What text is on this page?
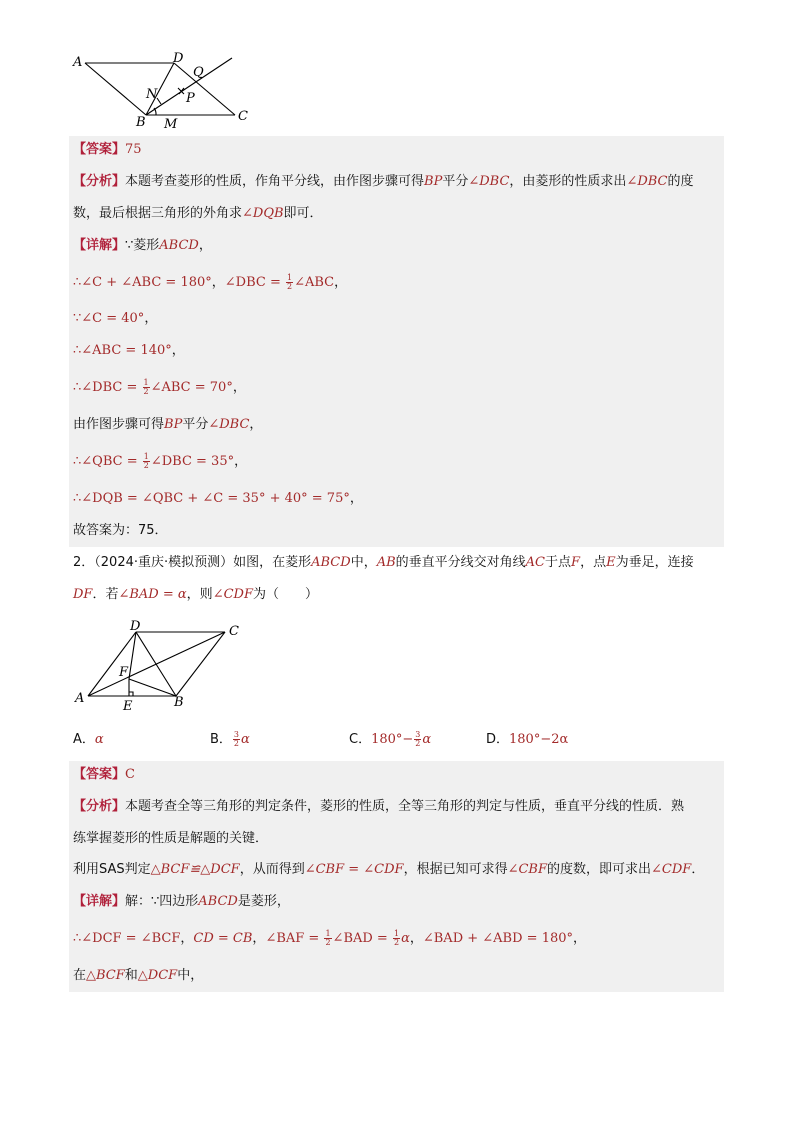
A	D
Q
N P
B M
C
【答案】75
【分析】本题考查菱形的性质，作角平分线，由作图步骤可得BP平分∠DBC，由菱形的性质求出∠DBC的度
数，最后根据三角形的外角求∠DQB即可．
【详解】∵菱形ABCD，
∴∠C + ∠ABC = 180°，∠DBC = $\frac{1}{2}$ ∠ABC，
∵∠C = 40°，
∴∠ABC = 140°，
∴∠DBC = $\frac{1}{2}$ ∠ABC = 70°，
由作图步骤可得BP平分∠DBC，
∴∠QBC = $\frac{1}{2}$ ∠DBC = 35°，
∴∠DQB = ∠QBC + ∠C = 35° + 40° = 75°，
故答案为：75．
2．（2024·重庆·模拟预测）如图，在菱形ABCD中，AB的垂直平分线交对角线AC于点F，点E为垂足，连接
DF．若∠BAD = α，则∠CDF为（　　）
D	C
F
A
E	B
A．α	B． $\frac{3}{2}$ α	C．$180^\circ- \frac{3}{2}$ α	D．180°−2α
【答案】C
【分析】本题考查全等三角形的判定条件，菱形的性质，全等三角形的判定与性质，垂直平分线的性质．熟
练掌握菱形的性质是解题的关键．
利用SAS判定△BCF≌△DCF，从而得到∠CBF = ∠CDF，根据已知可求得∠CBF的度数，即可求出∠CDF．
【详解】解：∵四边形ABCD是菱形，
∴∠DCF = ∠BCF，CD = CB，∠BAF = $\frac{1}{2}$ ∠BAD = $\frac{1}{2}$ α，∠BAD + ∠ABD = 180°，
在△BCF和△DCF中，
